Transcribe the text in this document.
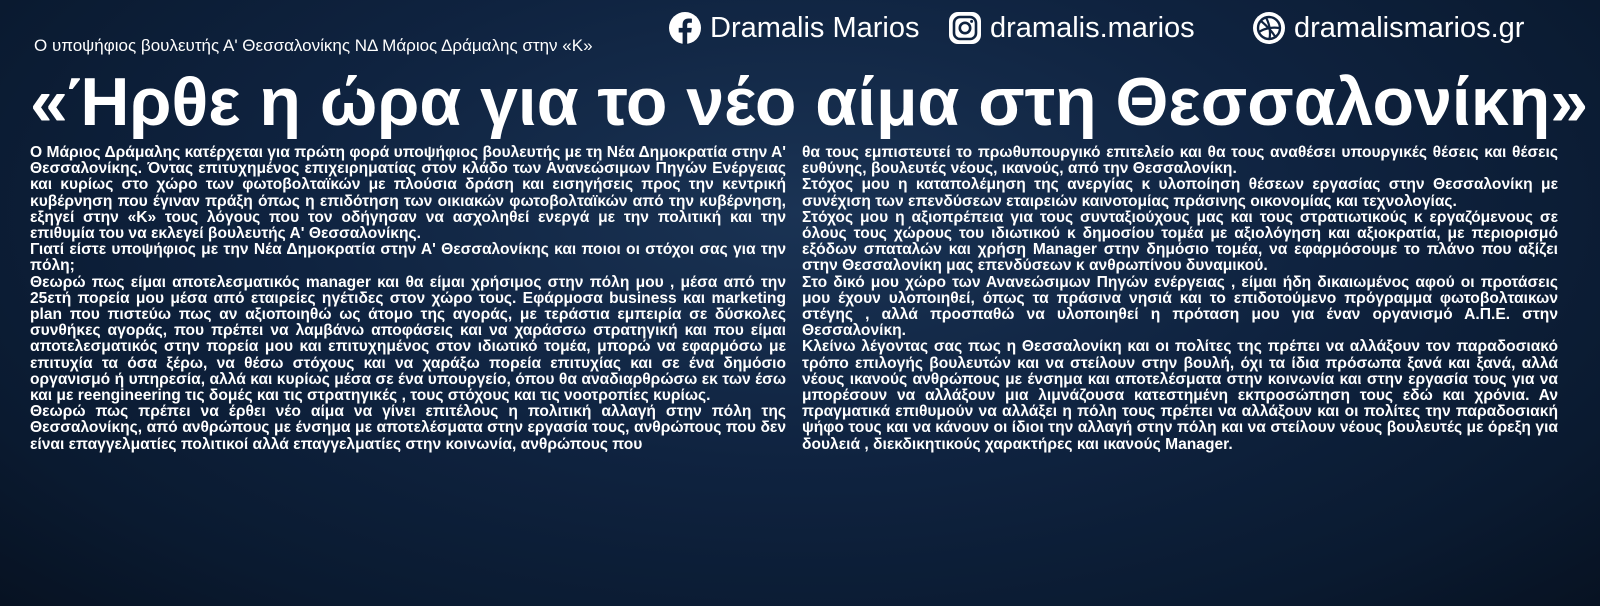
Ο υποψήφιος βουλευτής Α' Θεσσαλονίκης ΝΔ Μάριος Δράμαλης στην «Κ»
Dramalis Marios dramalis.marios	dramalismarios.gr
«Ήρθε η ώρα για το νέο αίμα στη Θεσσαλονίκη»

Ο Μάριος Δράμαλης κατέρχεται για πρώτη φορά υποψήφιος βουλευτής με τη Νέα Δημοκρατία στην Α' Θεσσαλονίκης. Όντας επιτυχημένος επιχειρηματίας στον κλάδο των Ανανεώσιμων Πηγών Ενέργειας και κυρίως στο χώρο των φωτοβολταϊκών με πλούσια δράση και εισηγήσεις προς την κεντρική κυβέρνηση που έγιναν πράξη όπως η επιδότηση των οικιακών φωτοβολταϊκών από την κυβέρνηση, εξηγεί στην «Κ» τους λόγους που τον οδήγησαν να ασχοληθεί ενεργά με την πολιτική και την επιθυμία του να εκλεγεί βουλευτής Α' Θεσσαλονίκης.

Γιατί είστε υποψήφιος με την Νέα Δημοκρατία στην Α' Θεσσαλονίκης και ποιοι οι στόχοι σας για την πόλη;

Θεωρώ πως είμαι αποτελεσματικός manager και θα είμαι χρήσιμος στην πόλη μου , μέσα από την 25ετή πορεία μου μέσα από εταιρείες ηγέτιδες στον χώρο τους. Εφάρμοσα business και marketing plan που πιστεύω πως αν αξιοποιηθώ ως άτομο της αγοράς, με τεράστια εμπειρία σε δύσκολες συνθήκες αγοράς, που πρέπει να λαμβάνω αποφάσεις και να χαράσσω στρατηγική και που είμαι αποτελεσματικός στην πορεία μου και επιτυχημένος στον ιδιωτικό τομέα, μπορώ να εφαρμόσω με επιτυχία τα όσα ξέρω, να θέσω στόχους και να χαράξω πορεία επιτυχίας και σε ένα δημόσιο οργανισμό ή υπηρεσία, αλλά και κυρίως μέσα σε ένα υπουργείο, όπου θα αναδιαρθρώσω εκ των έσω και με reengineering τις δομές και τις στρατηγικές , τους στόχους και τις νοοτροπίες κυρίως.

Θεωρώ πως πρέπει να έρθει νέο αίμα να γίνει επιτέλους η πολιτική αλλαγή στην πόλη της Θεσσαλονίκης, από ανθρώπους με ένσημα με αποτελέσματα στην εργασία τους, ανθρώπους που δεν είναι επαγγελματίες πολιτικοί αλλά επαγγελματίες στην κοινωνία, ανθρώπους που

θα τους εμπιστευτεί το πρωθυπουργικό επιτελείο και θα τους αναθέσει υπουργικές θέσεις και θέσεις ευθύνης, βουλευτές νέους, ικανούς, από την Θεσσαλονίκη.

Στόχος μου η καταπολέμηση της ανεργίας κ υλοποίηση θέσεων εργασίας στην Θεσσαλονίκη με συνέχιση των επενδύσεων εταιρειών καινοτομίας πράσινης οικονομίας και τεχνολογίας.

Στόχος μου η αξιοπρέπεια για τους συνταξιούχους μας και τους στρατιωτικούς κ εργαζόμενους σε όλους τους χώρους του ιδιωτικού κ δημοσίου τομέα με αξιολόγηση και αξιοκρατία, με περιορισμό εξόδων σπαταλών και χρήση Manager στην δημόσιο τομέα, να εφαρμόσουμε το πλάνο που αξίζει στην Θεσσαλονίκη μας επενδύσεων κ ανθρωπίνου δυναμικού.

Στο δικό μου χώρο των Ανανεώσιμων Πηγών ενέργειας , είμαι ήδη δικαιωμένος αφού οι προτάσεις μου έχουν υλοποιηθεί, όπως τα πράσινα νησιά και το επιδοτούμενο πρόγραμμα φωτοβολταικων στέγης , αλλά προσπαθώ να υλοποιηθεί η πρόταση μου για έναν οργανισμό Α.Π.Ε. στην Θεσσαλονίκη.

Κλείνω λέγοντας σας πως η Θεσσαλονίκη και οι πολίτες της πρέπει να αλλάξουν τον παραδοσιακό τρόπο επιλογής βουλευτών και να στείλουν στην βουλή, όχι τα ίδια πρόσωπα ξανά και ξανά, αλλά νέους ικανούς ανθρώπους με ένσημα και αποτελέσματα στην κοινωνία και στην εργασία τους για να μπορέσουν να αλλάξουν μια λιμνάζουσα κατεστημένη εκπροσώπηση τους εδώ και χρόνια. Αν πραγματικά επιθυμούν να αλλάξει η πόλη τους πρέπει να αλλάξουν και οι πολίτες την παραδοσιακή ψήφο τους και να κάνουν οι ίδιοι την αλλαγή στην πόλη και να στείλουν νέους βουλευτές με όρεξη για δουλειά , διεκδικητικούς χαρακτήρες και ικανούς Manager.
